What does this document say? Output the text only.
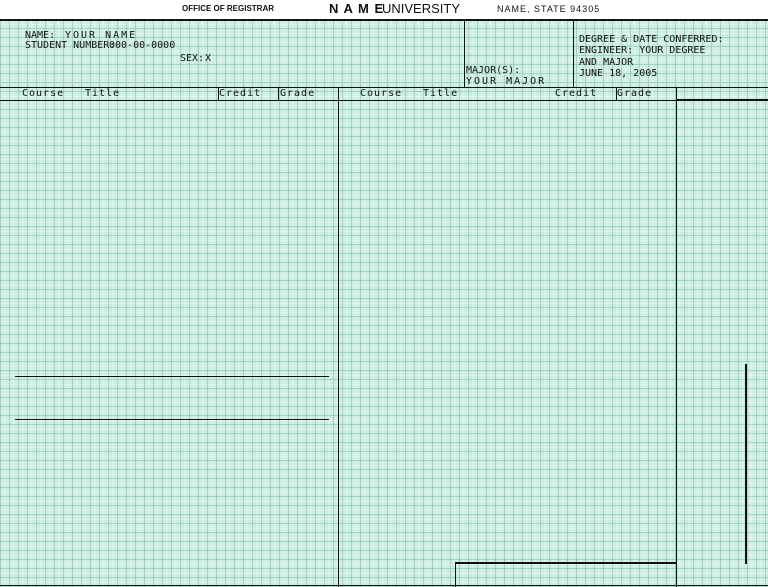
OFFICE OF REGISTRAR	N A M E
UNIVERSITY	NAME, STATE 94305
NAME: YOUR NAME
STUDENT NUMBER:
000-00-0000
SEX: X
MAJOR(S):
YOUR MAJOR
DEGREE & DATE CONFERRED:
ENGINEER: YOUR DEGREE
AND MAJOR
JUNE 18, 2005
Course Title	Credit Grade	Course Title	Credit Grade
